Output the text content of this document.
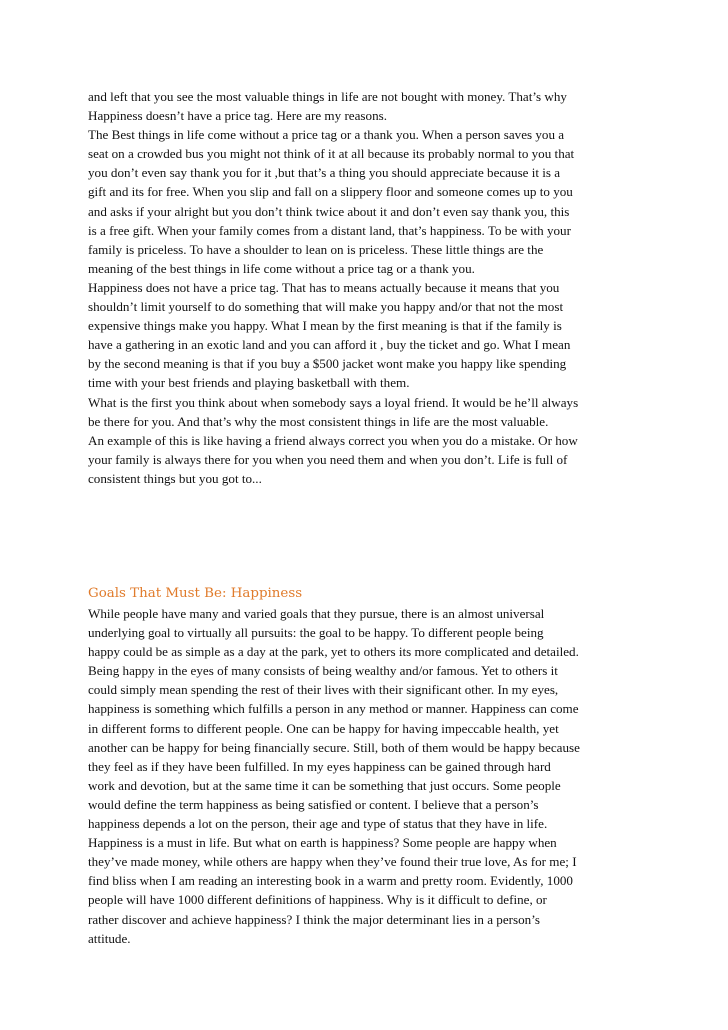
and left that you see the most valuable things in life are not bought with money. That’s why
Happiness doesn’t have a price tag. Here are my reasons.
The Best things in life come without a price tag or a thank you. When a person saves you a
seat on a crowded bus you might not think of it at all because its probably normal to you that
you don’t even say thank you for it ,but that’s a thing you should appreciate because it is a
gift and its for free. When you slip and fall on a slippery floor and someone comes up to you
and asks if your alright but you don’t think twice about it and don’t even say thank you, this
is a free gift. When your family comes from a distant land, that’s happiness. To be with your
family is priceless. To have a shoulder to lean on is priceless. These little things are the
meaning of the best things in life come without a price tag or a thank you.
Happiness does not have a price tag. That has to means actually because it means that you
shouldn’t limit yourself to do something that will make you happy and/or that not the most
expensive things make you happy. What I mean by the first meaning is that if the family is
have a gathering in an exotic land and you can afford it , buy the ticket and go. What I mean
by the second meaning is that if you buy a $500 jacket wont make you happy like spending
time with your best friends and playing basketball with them.
What is the first you think about when somebody says a loyal friend. It would be he’ll always
be there for you. And that’s why the most consistent things in life are the most valuable.
An example of this is like having a friend always correct you when you do a mistake. Or how
your family is always there for you when you need them and when you don’t. Life is full of
consistent things but you got to...
Goals That Must Be: Happiness
While people have many and varied goals that they pursue, there is an almost universal
underlying goal to virtually all pursuits: the goal to be happy. To different people being
happy could be as simple as a day at the park, yet to others its more complicated and detailed.
Being happy in the eyes of many consists of being wealthy and/or famous. Yet to others it
could simply mean spending the rest of their lives with their significant other. In my eyes,
happiness is something which fulfills a person in any method or manner. Happiness can come
in different forms to different people. One can be happy for having impeccable health, yet
another can be happy for being financially secure. Still, both of them would be happy because
they feel as if they have been fulfilled. In my eyes happiness can be gained through hard
work and devotion, but at the same time it can be something that just occurs. Some people
would define the term happiness as being satisfied or content. I believe that a person’s
happiness depends a lot on the person, their age and type of status that they have in life.
Happiness is a must in life. But what on earth is happiness? Some people are happy when
they’ve made money, while others are happy when they’ve found their true love, As for me; I
find bliss when I am reading an interesting book in a warm and pretty room. Evidently, 1000
people will have 1000 different definitions of happiness. Why is it difficult to define, or
rather discover and achieve happiness? I think the major determinant lies in a person’s
attitude.
